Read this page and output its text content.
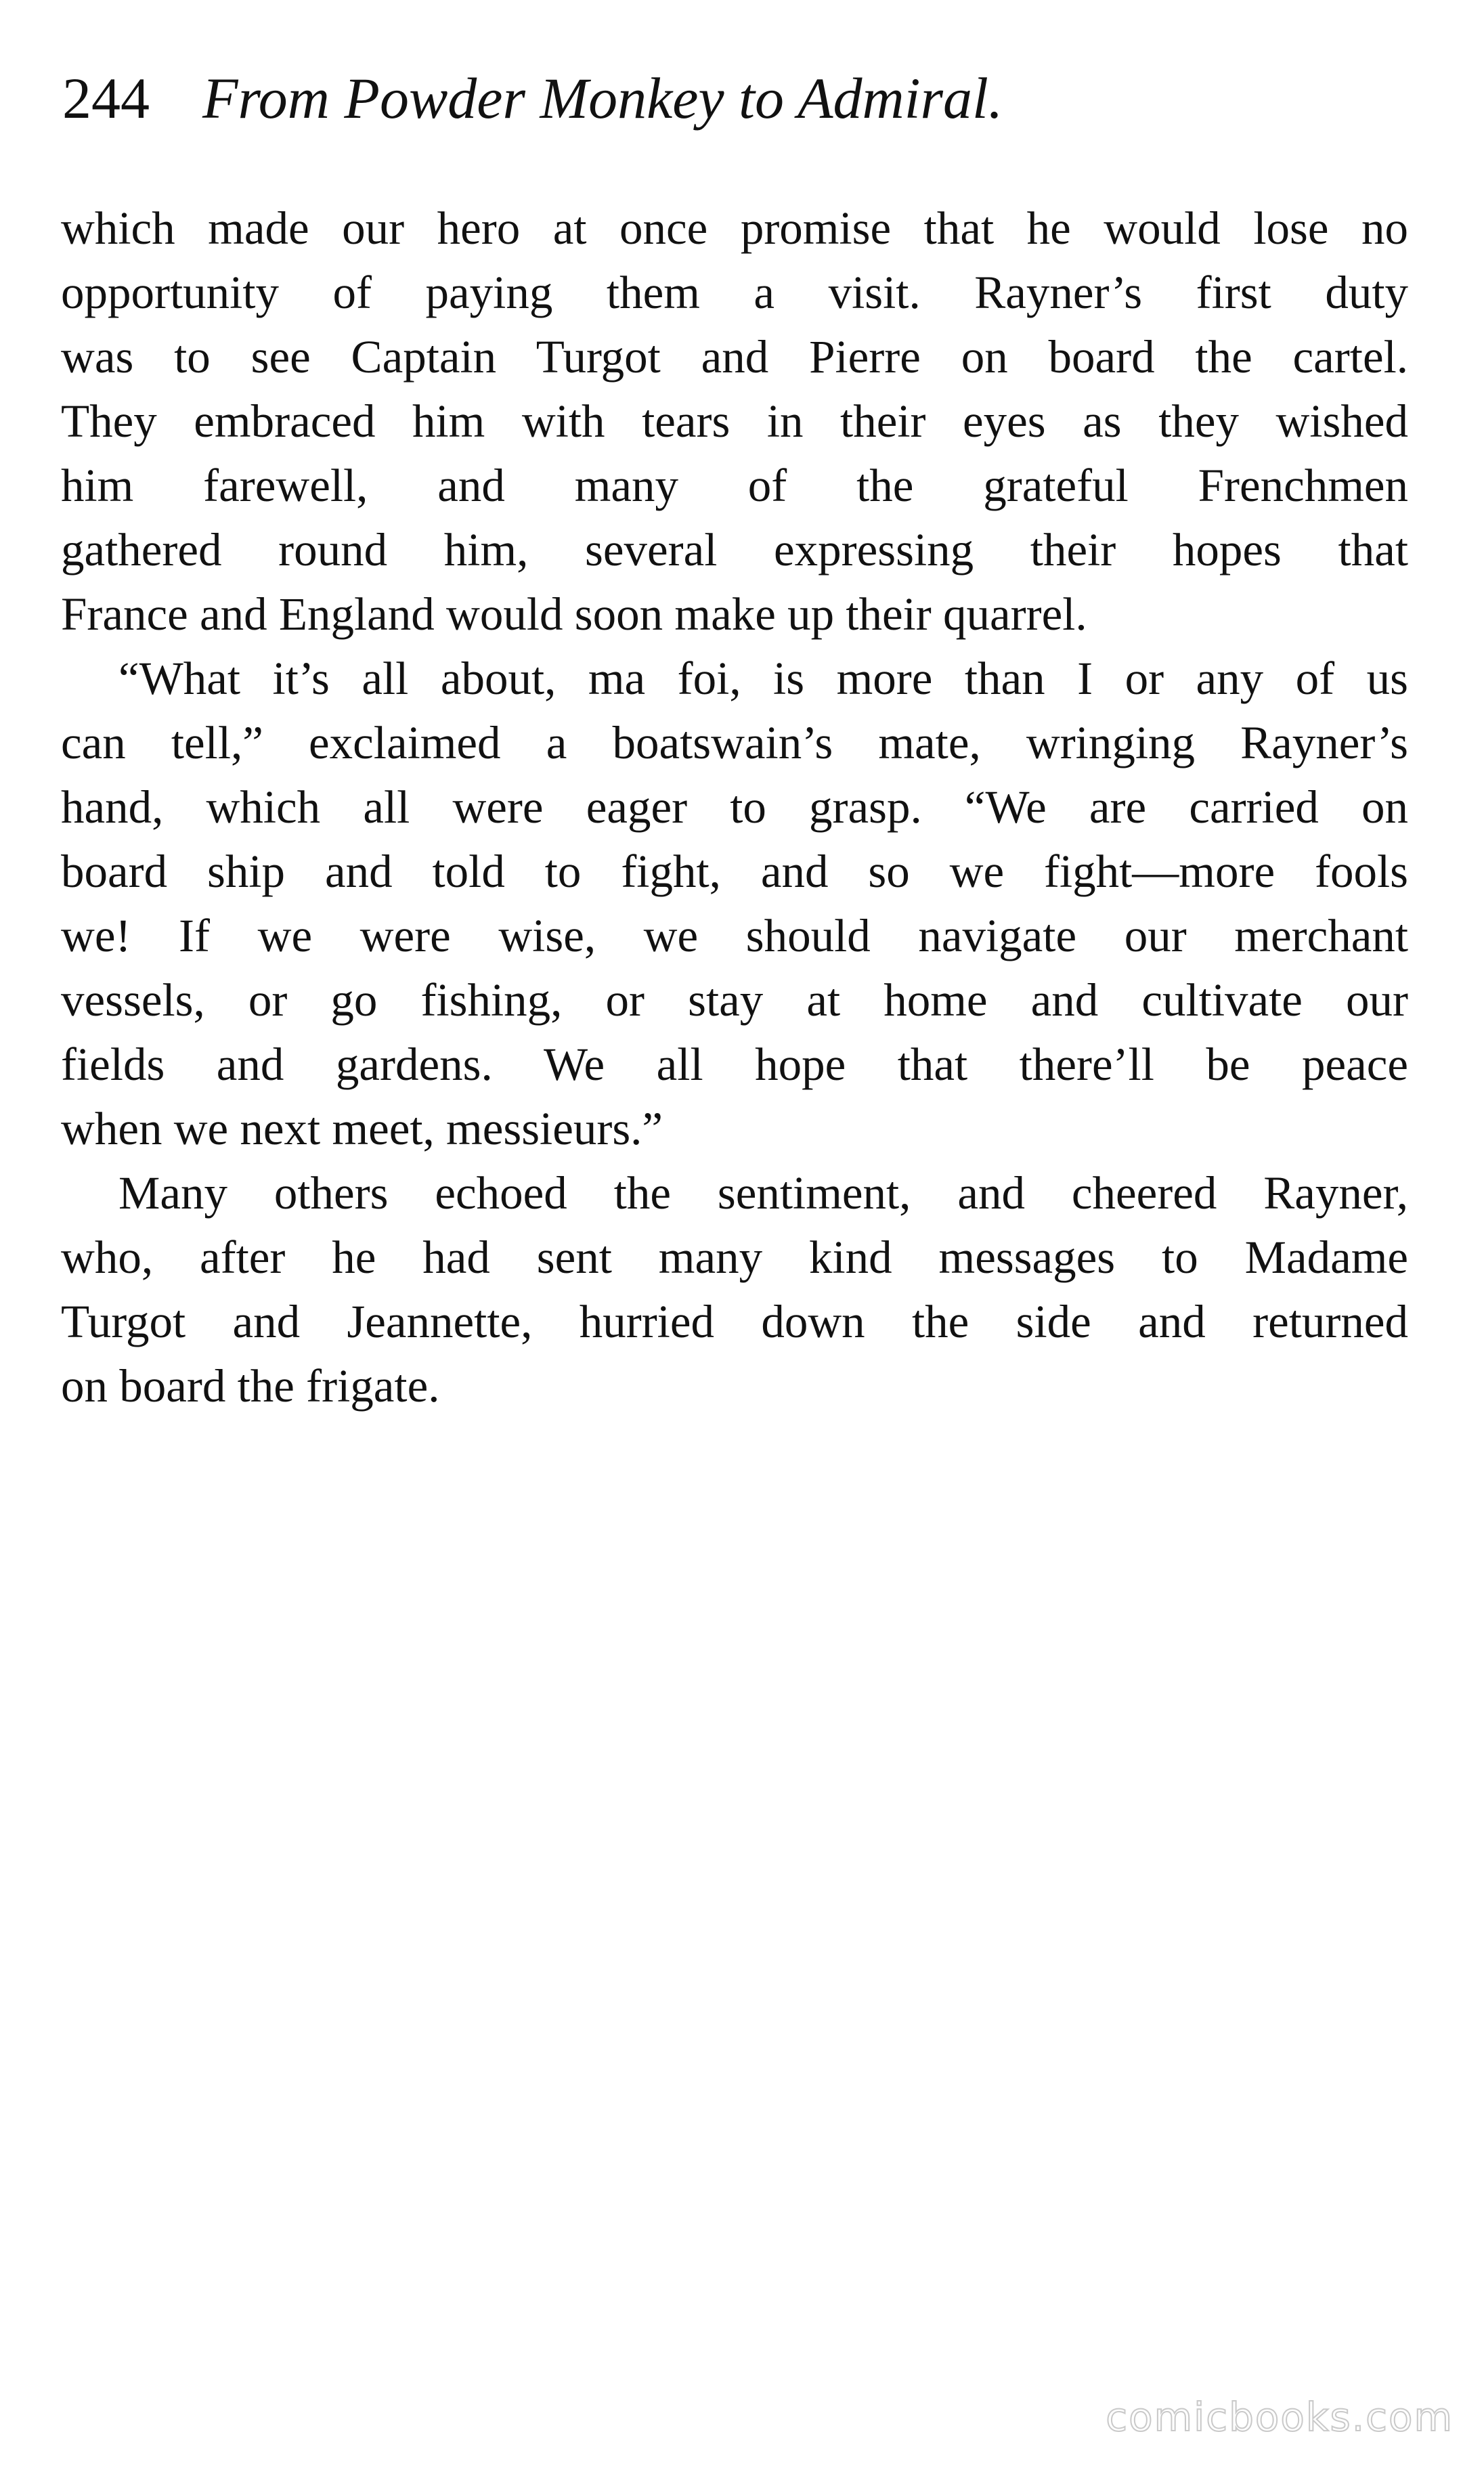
244 From Powder Monkey to Admiral.
which made our hero at once promise that he would lose no
opportunity of paying them a visit. Rayner’s first duty
was to see Captain Turgot and Pierre on board the cartel.
They embraced him with tears in their eyes as they wished
him farewell, and many of the grateful Frenchmen
gathered round him, several expressing their hopes that
France and England would soon make up their quarrel.
“What it’s all about, ma foi, is more than I or any of us
can tell,” exclaimed a boatswain’s mate, wringing Rayner’s
hand, which all were eager to grasp. “We are carried on
board ship and told to fight, and so we fight—more fools
we! If we were wise, we should navigate our merchant
vessels, or go fishing, or stay at home and cultivate our
fields and gardens. We all hope that there’ll be peace
when we next meet, messieurs.”
Many others echoed the sentiment, and cheered Rayner,
who, after he had sent many kind messages to Madame
Turgot and Jeannette, hurried down the side and returned
on board the frigate.
comicbooks.com
